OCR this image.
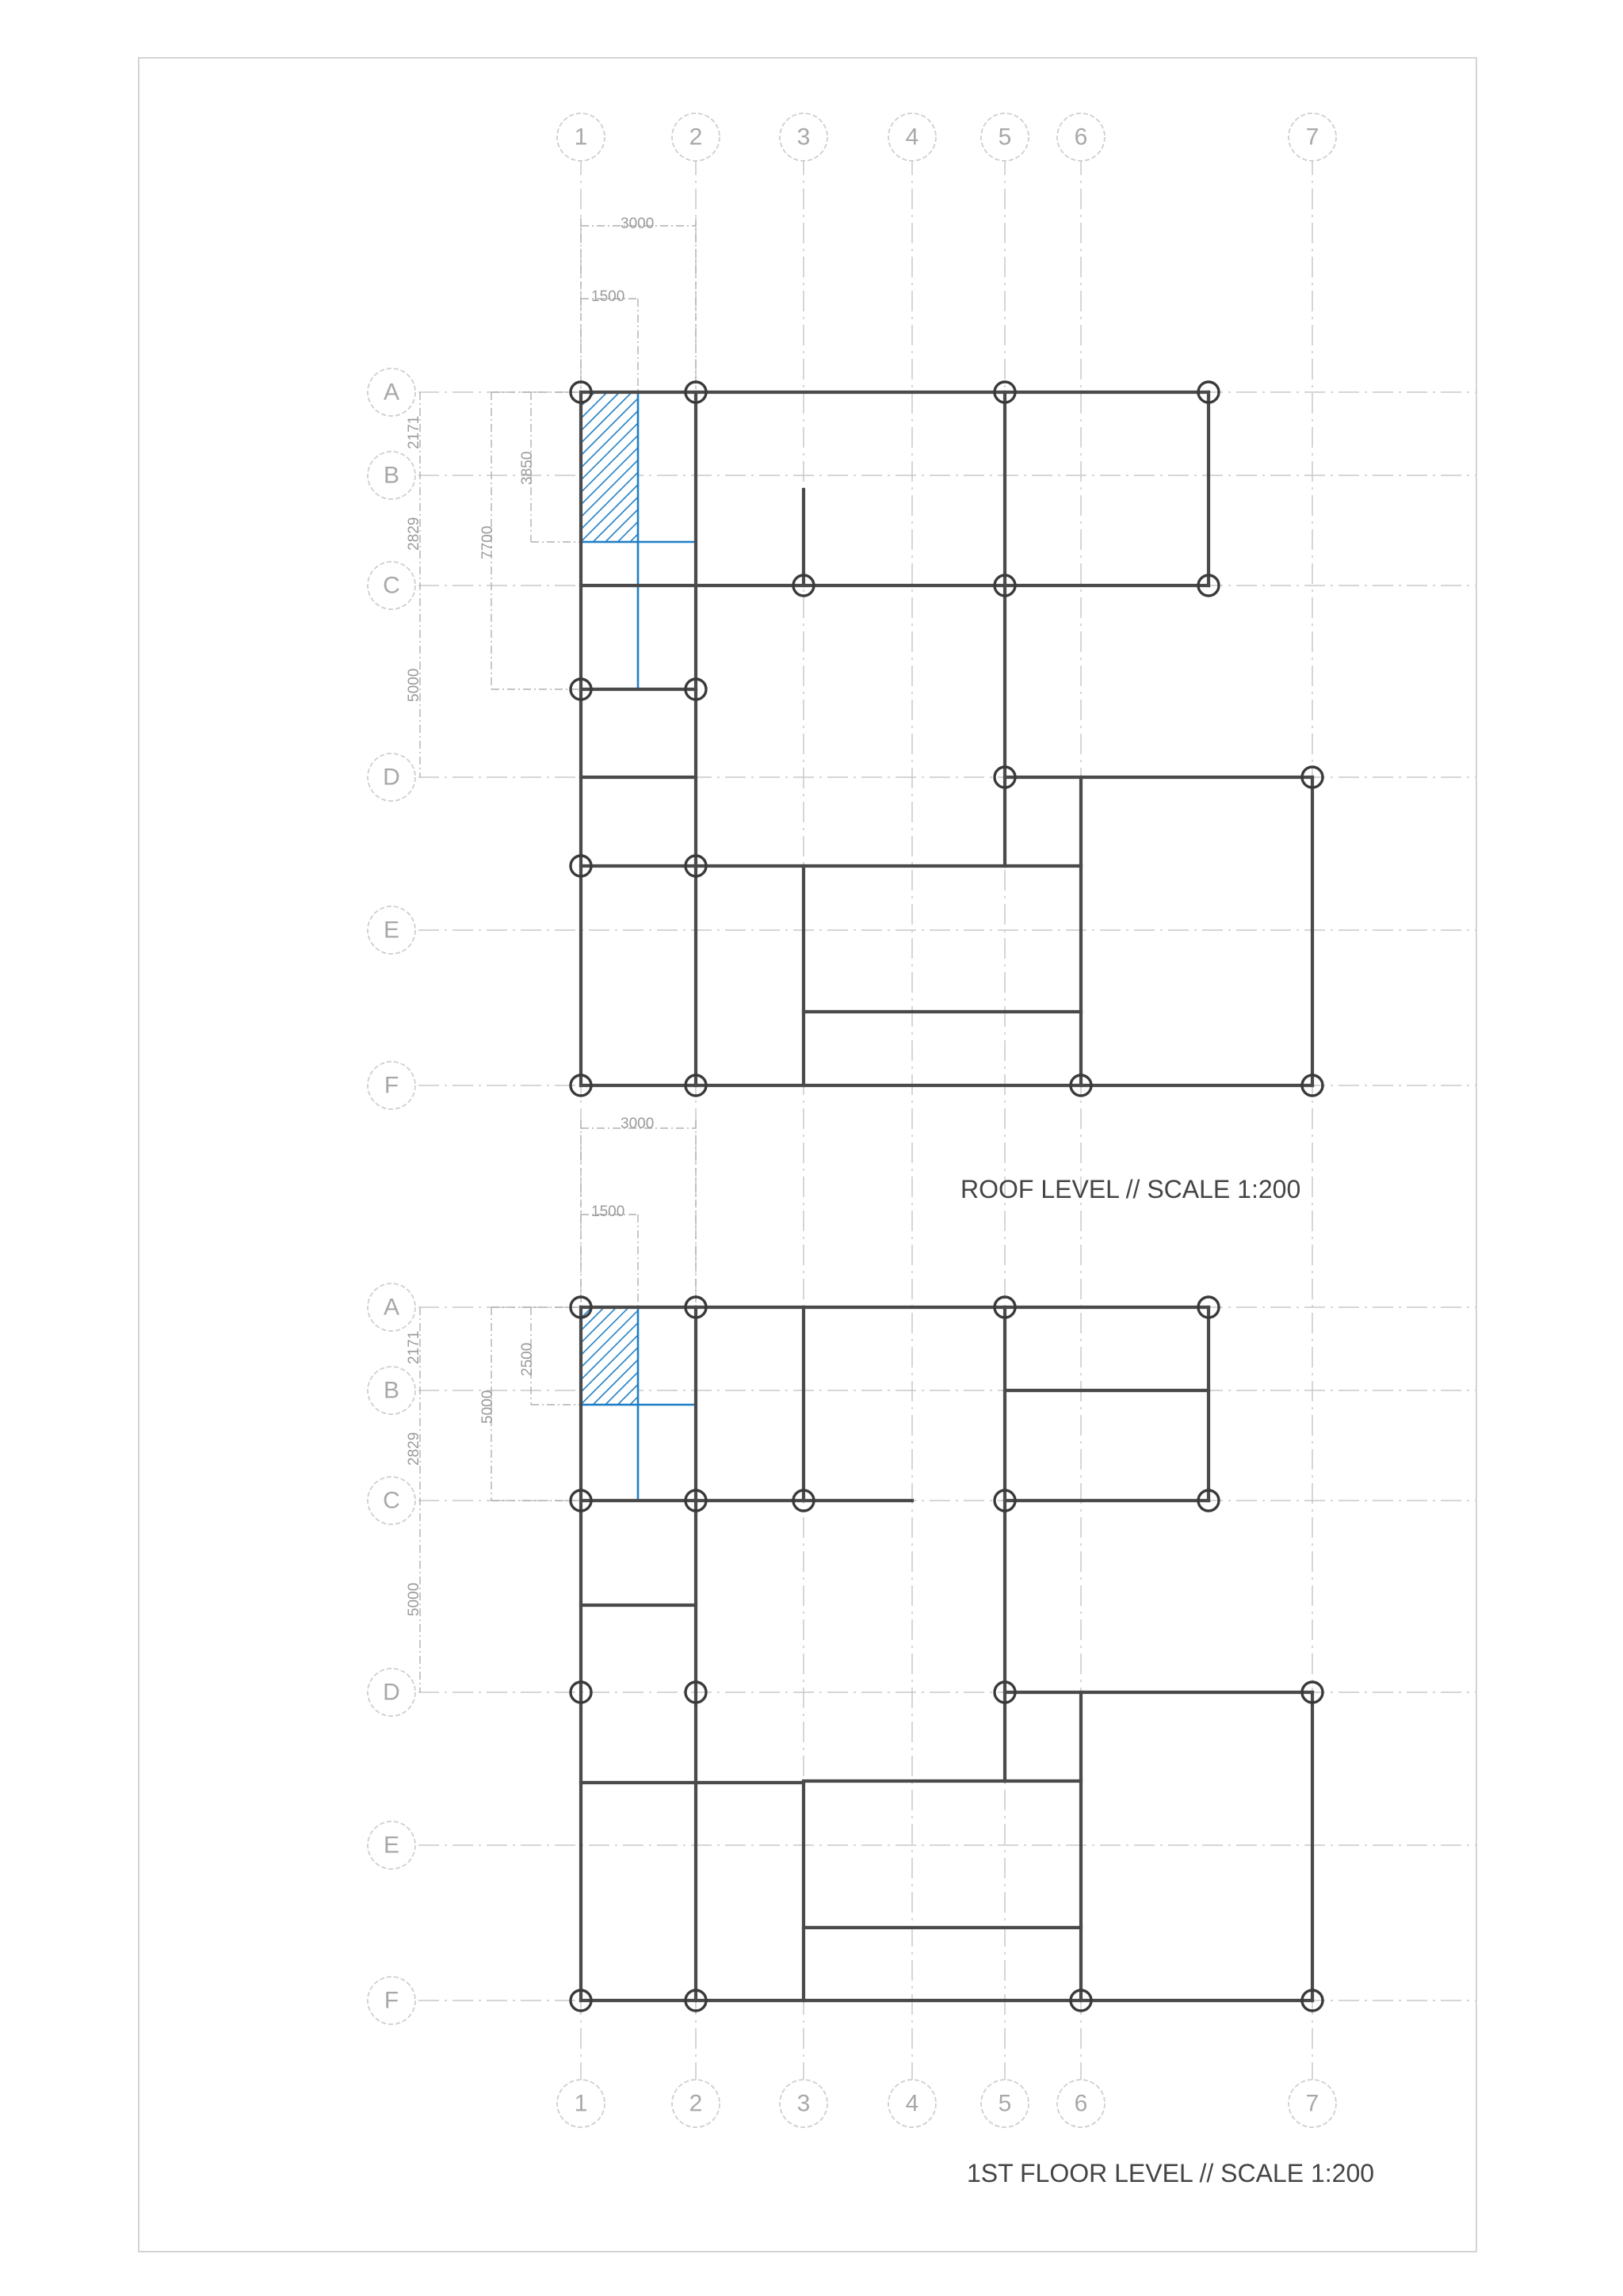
1	2	3	4	5	6	7
1	2	3	4	5	6	7
A
B
C
D
E
F
A
B
C
D
E
F
3000
1500
2171
2829
5000
7700
3850
ROOF LEVEL // SCALE 1:200
3000
1500
2171
2829
5000
5000
2500
1ST FLOOR LEVEL // SCALE 1:200
